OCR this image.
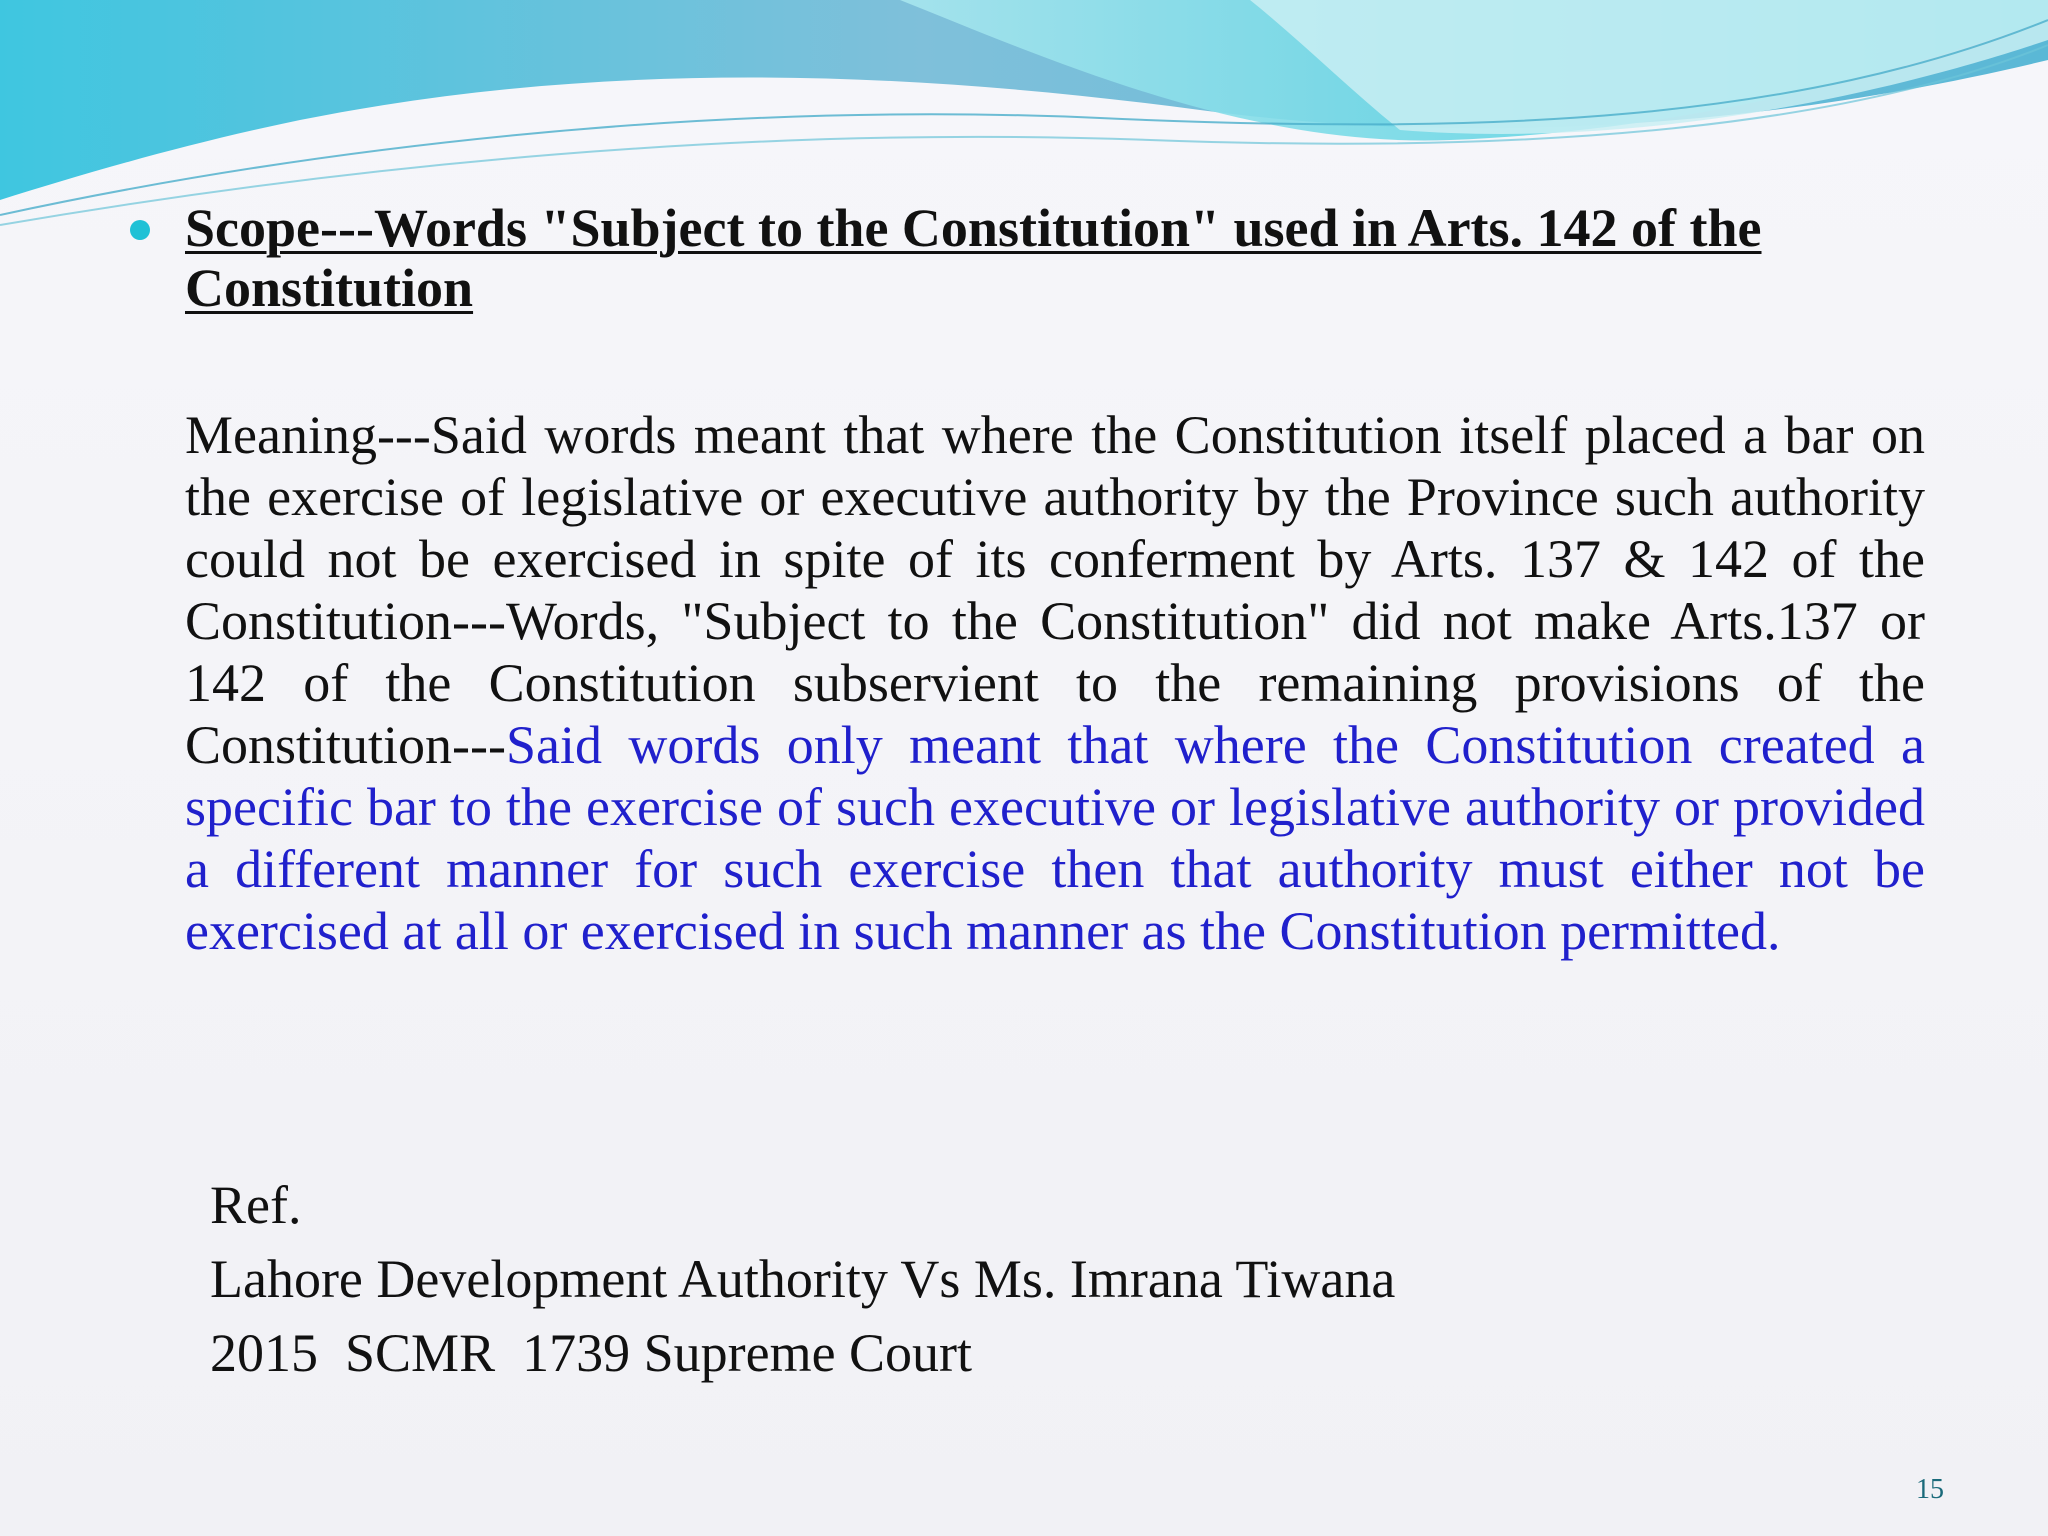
Scope---Words "Subject to the Constitution" used in Arts. 142 of the Constitution

Meaning---Said words meant that where the Constitution itself placed a bar on the exercise of legislative or executive authority by the Province such authority could not be exercised in spite of its conferment by Arts. 137 & 142 of the Constitution---Words, "Subject to the Constitution" did not make Arts.137 or 142 of the Constitution subservient to the remaining provisions of the Constitution---Said words only meant that where the Constitution created a specific bar to the exercise of such executive or legislative authority or provided a different manner for such exercise then that authority must either not be exercised at all or exercised in such manner as the Constitution permitted.

Ref.
Lahore Development Authority Vs Ms. Imrana Tiwana
2015  SCMR  1739 Supreme Court
15
